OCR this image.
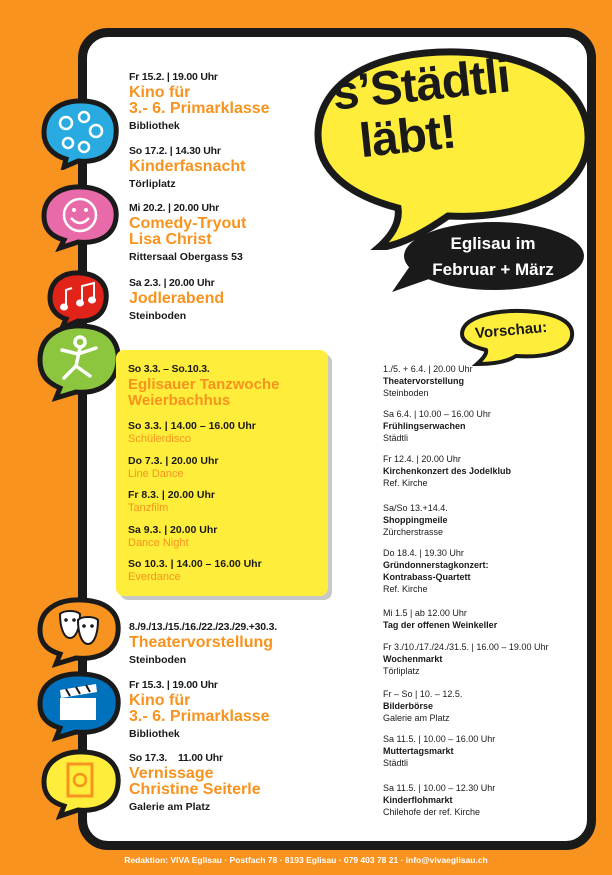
s’Städtli
läbt!
Eglisau im
Februar + März
Vorschau:
Fr 15.2. | 19.00 Uhr
Kino für
3.- 6. Primarklasse
Bibliothek
So 17.2. | 14.30 Uhr
Kinderfasnacht
Törliplatz
Mi 20.2. | 20.00 Uhr
Comedy-Tryout
Lisa Christ
Rittersaal Obergass 53
Sa 2.3. | 20.00 Uhr
Jodlerabend
Steinboden
So 3.3. – So.10.3.
Eglisauer Tanzwoche
Weierbachhus
So 3.3. | 14.00 – 16.00 Uhr
Schülerdisco
Do 7.3. | 20.00 Uhr
Line Dance
Fr 8.3. | 20.00 Uhr
Tanzfilm
Sa 9.3. | 20.00 Uhr
Dance Night
So 10.3. | 14.00 – 16.00 Uhr
Everdance
8./9./13./15./16./22./23./29.+30.3.
Theatervorstellung
Steinboden
Fr 15.3. | 19.00 Uhr
Kino für
3.- 6. Primarklasse
Bibliothek
So 17.3.    11.00 Uhr
Vernissage
Christine Seiterle
Galerie am Platz
1./5. + 6.4. | 20.00 Uhr
Theatervorstellung
Steinboden
Sa 6.4. | 10.00 – 16.00 Uhr
Frühlingserwachen
Städtli
Fr 12.4. | 20.00 Uhr
Kirchenkonzert des Jodelklub
Ref. Kirche
Sa/So 13.+14.4.
Shoppingmeile
Zürcherstrasse
Do 18.4. | 19.30 Uhr
Gründonnerstagkonzert:
Kontrabass-Quartett
Ref. Kirche
Mi 1.5 | ab 12.00 Uhr
Tag der offenen Weinkeller
Fr 3./10./17./24./31.5. | 16.00 – 19.00 Uhr
Wochenmarkt
Törliplatz
Fr – So | 10. – 12.5.
Bilderbörse
Galerie am Platz
Sa 11.5. | 10.00 – 16.00 Uhr
Muttertagsmarkt
Städtli
Sa 11.5. | 10.00 – 12.30 Uhr
Kinderflohmarkt
Chilehofe der ref. Kirche
Redaktion: VIVA Eglisau · Postfach 78 · 8193 Eglisau · 079 403 78 21 · info@vivaeglisau.ch
